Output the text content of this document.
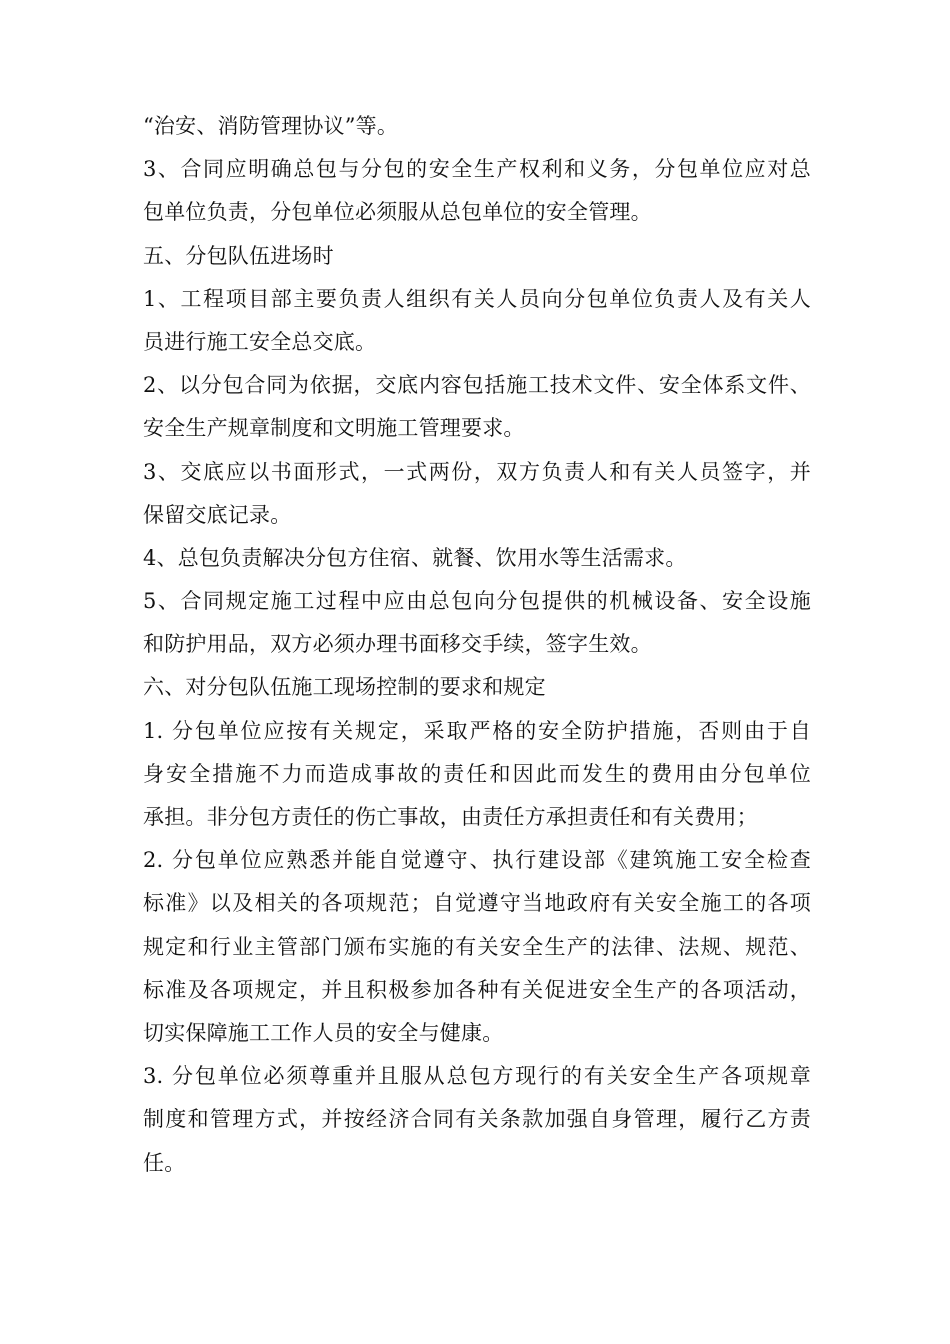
“治安、消防管理协议”等。
3、合同应明确总包与分包的安全生产权利和义务，分包单位应对总
包单位负责，分包单位必须服从总包单位的安全管理。
五、分包队伍进场时
1、工程项目部主要负责人组织有关人员向分包单位负责人及有关人
员进行施工安全总交底。
2、以分包合同为依据，交底内容包括施工技术文件、安全体系文件、
安全生产规章制度和文明施工管理要求。
3、交底应以书面形式，一式两份，双方负责人和有关人员签字，并
保留交底记录。
4、总包负责解决分包方住宿、就餐、饮用水等生活需求。
5、合同规定施工过程中应由总包向分包提供的机械设备、安全设施
和防护用品，双方必须办理书面移交手续，签字生效。
六、对分包队伍施工现场控制的要求和规定
1. 分包单位应按有关规定，采取严格的安全防护措施，否则由于自
身安全措施不力而造成事故的责任和因此而发生的费用由分包单位
承担。非分包方责任的伤亡事故，由责任方承担责任和有关费用；
2. 分包单位应熟悉并能自觉遵守、执行建设部《建筑施工安全检查
标准》以及相关的各项规范；自觉遵守当地政府有关安全施工的各项
规定和行业主管部门颁布实施的有关安全生产的法律、法规、规范、
标准及各项规定，并且积极参加各种有关促进安全生产的各项活动，
切实保障施工工作人员的安全与健康。
3. 分包单位必须尊重并且服从总包方现行的有关安全生产各项规章
制度和管理方式，并按经济合同有关条款加强自身管理，履行乙方责
任。
